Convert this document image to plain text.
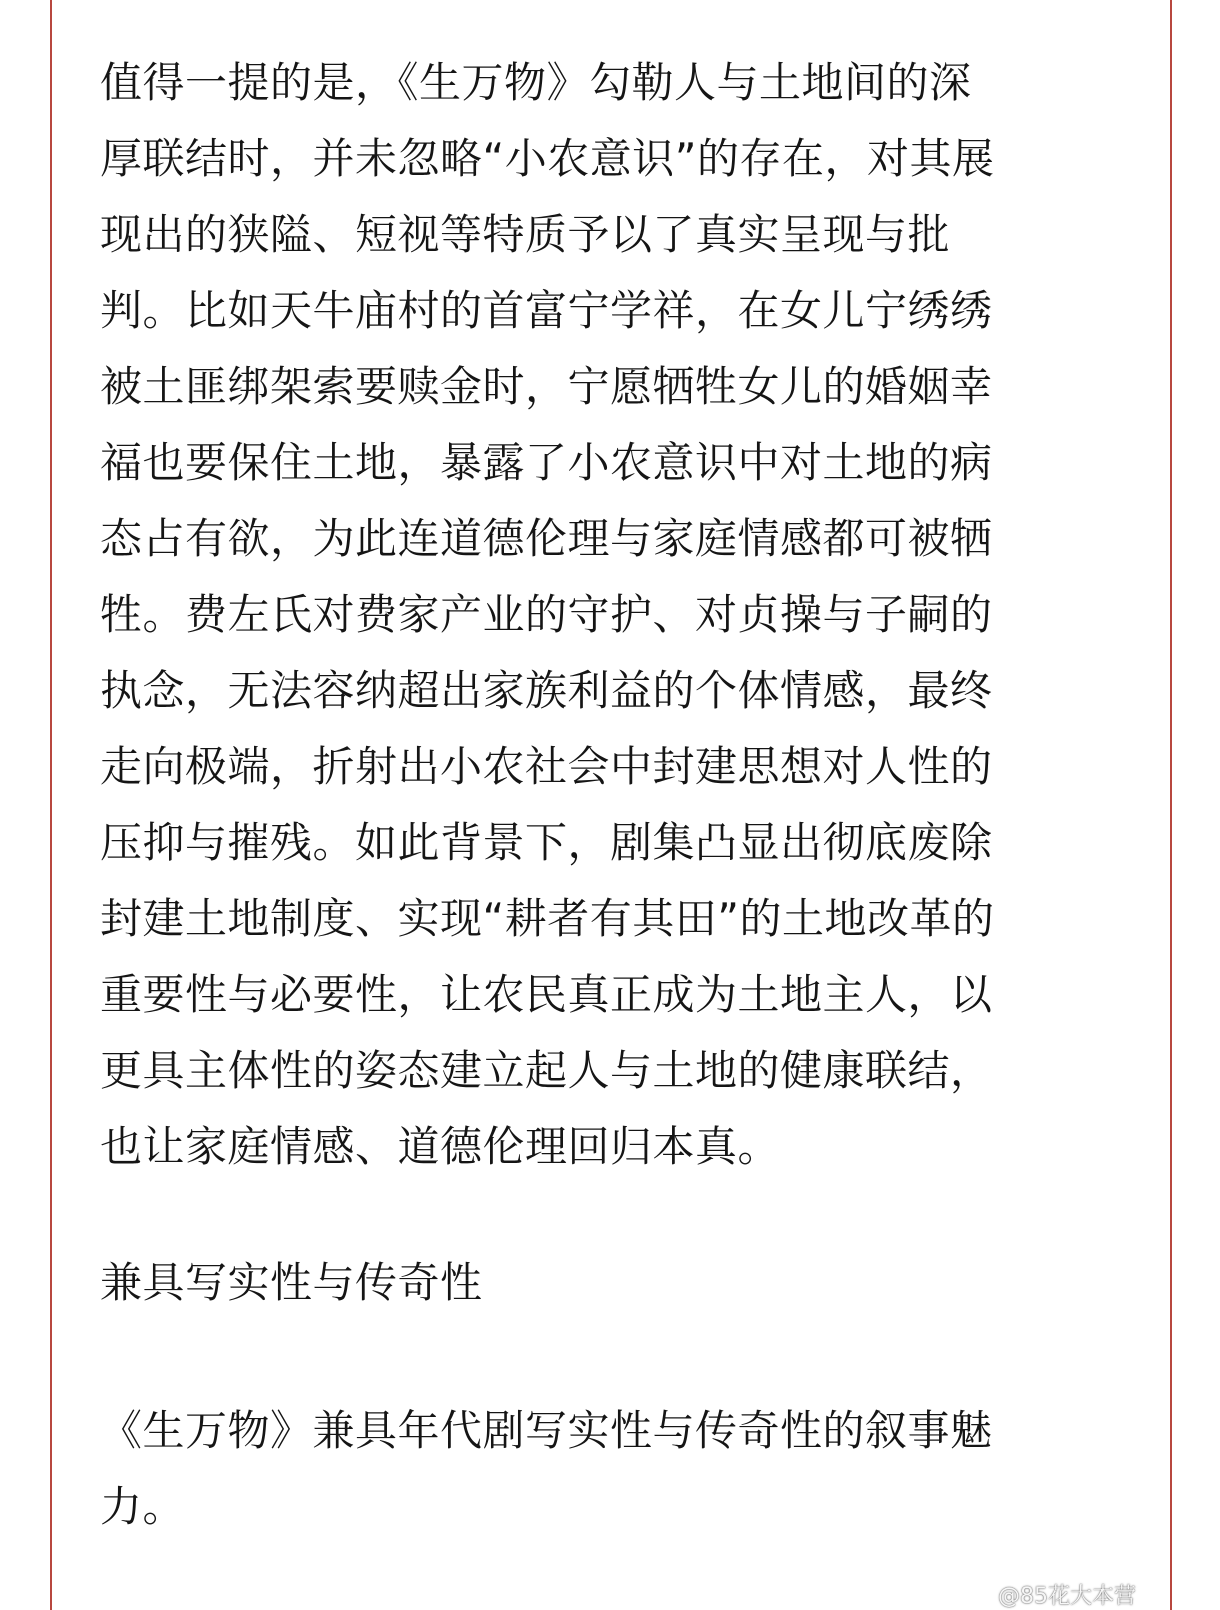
值得一提的是，《生万物》勾勒人与土地间的深
厚联结时，并未忽略“小农意识”的存在，对其展
现出的狭隘、短视等特质予以了真实呈现与批
判。比如天牛庙村的首富宁学祥，在女儿宁绣绣
被土匪绑架索要赎金时，宁愿牺牲女儿的婚姻幸
福也要保住土地，暴露了小农意识中对土地的病
态占有欲，为此连道德伦理与家庭情感都可被牺
牲。费左氏对费家产业的守护、对贞操与子嗣的
执念，无法容纳超出家族利益的个体情感，最终
走向极端，折射出小农社会中封建思想对人性的
压抑与摧残。如此背景下，剧集凸显出彻底废除
封建土地制度、实现“耕者有其田”的土地改革的
重要性与必要性，让农民真正成为土地主人，以
更具主体性的姿态建立起人与土地的健康联结，
也让家庭情感、道德伦理回归本真。
兼具写实性与传奇性
《生万物》兼具年代剧写实性与传奇性的叙事魅
力。
@85花大本营
